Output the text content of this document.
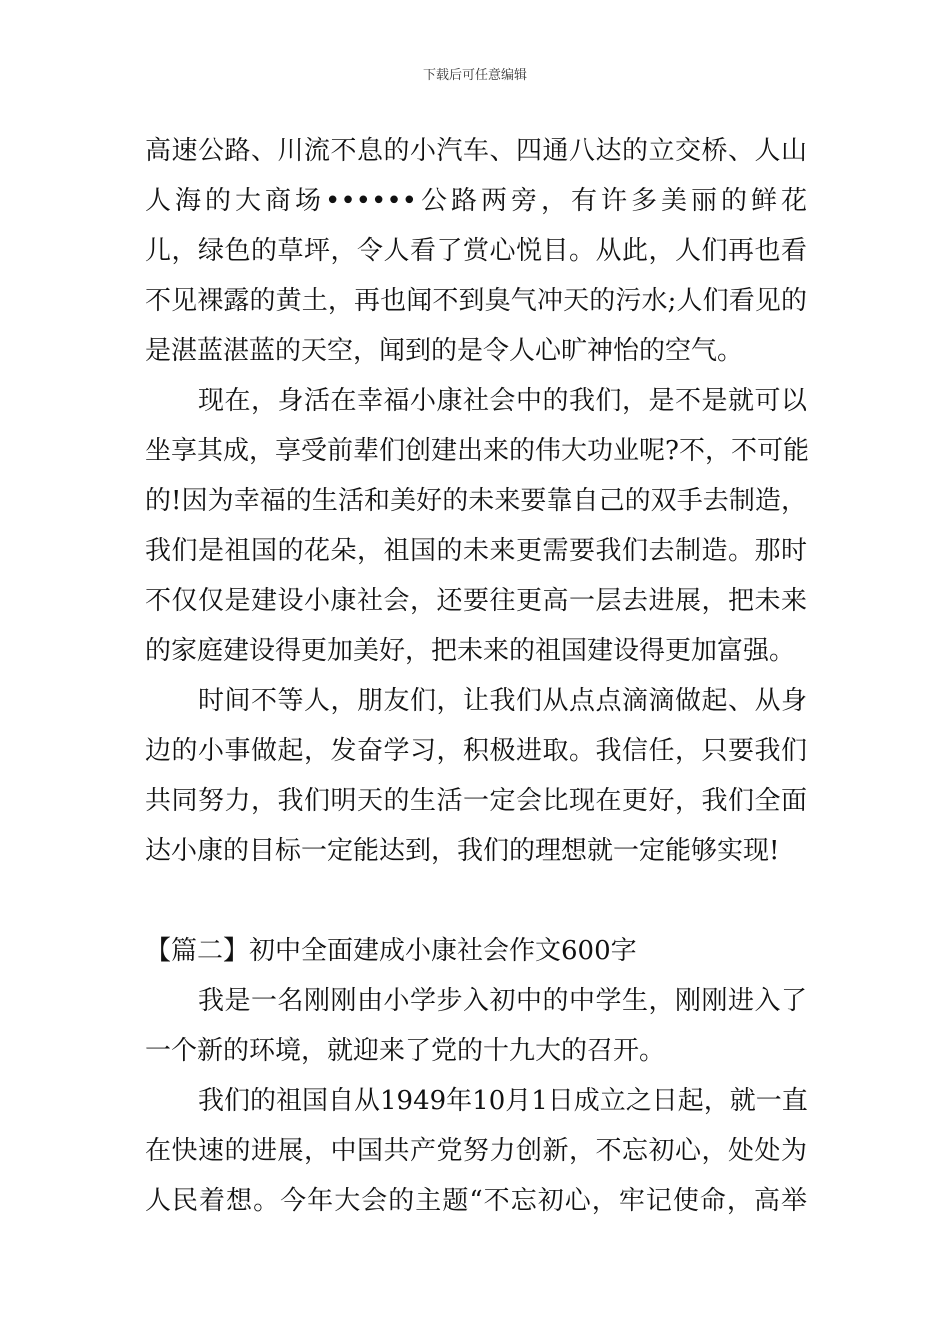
下载后可任意编辑
高速公路、川流不息的小汽车、四通八达的立交桥、人山
人海的大商场••••••公路两旁，有许多美丽的鲜花
儿，绿色的草坪，令人看了赏心悦目。从此，人们再也看
不见裸露的黄土，再也闻不到臭气冲天的污水;人们看见的
是湛蓝湛蓝的天空，闻到的是令人心旷神怡的空气。
现在，身活在幸福小康社会中的我们，是不是就可以
坐享其成，享受前辈们创建出来的伟大功业呢?不，不可能
的!因为幸福的生活和美好的未来要靠自己的双手去制造，
我们是祖国的花朵，祖国的未来更需要我们去制造。那时
不仅仅是建设小康社会，还要往更高一层去进展，把未来
的家庭建设得更加美好，把未来的祖国建设得更加富强。
时间不等人，朋友们，让我们从点点滴滴做起、从身
边的小事做起，发奋学习，积极进取。我信任，只要我们
共同努力，我们明天的生活一定会比现在更好，我们全面
达小康的目标一定能达到，我们的理想就一定能够实现!
【篇二】初中全面建成小康社会作文600字
我是一名刚刚由小学步入初中的中学生，刚刚进入了
一个新的环境，就迎来了党的十九大的召开。
我们的祖国自从1949年10月1日成立之日起，就一直
在快速的进展，中国共产党努力创新，不忘初心，处处为
人民着想。今年大会的主题“不忘初心，牢记使命，高举
